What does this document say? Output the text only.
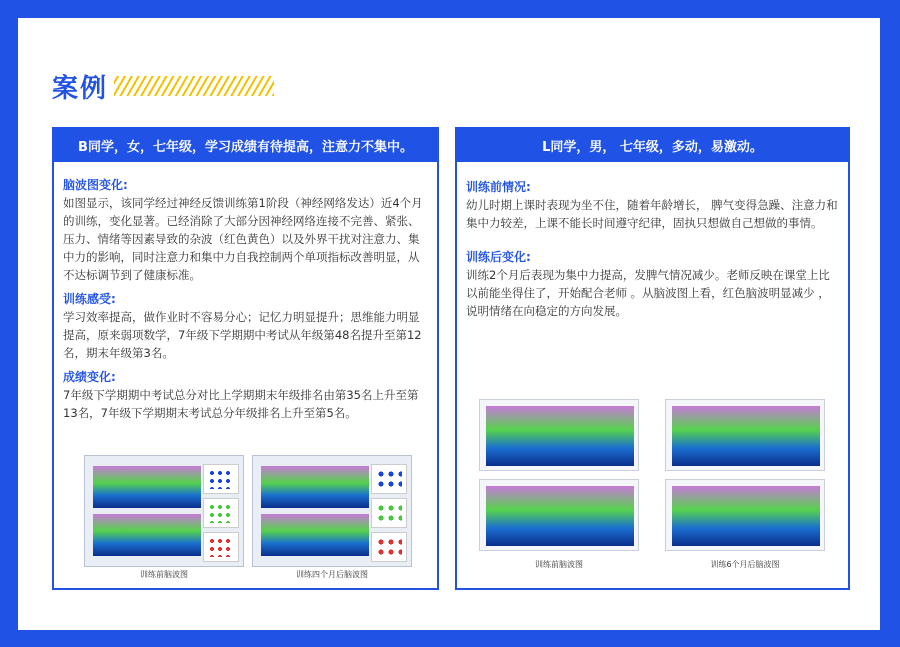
案例
B同学，女，七年级，学习成绩有待提高，注意力不集中。
脑波图变化:
如图显示，该同学经过神经反馈训练第1阶段（神经网络发达）近4个月的训练，变化显著。已经消除了大部分因神经网络连接不完善、紧张、压力、情绪等因素导致的杂波（红色黄色）以及外界干扰对注意力、集中力的影响，同时注意力和集中力自我控制两个单项指标改善明显，从不达标调节到了健康标准。
训练感受:
学习效率提高，做作业时不容易分心；记忆力明显提升；思维能力明显提高，原来弱项数学，7年级下学期期中考试从年级第48名提升至第12名，期末年级第3名。
成绩变化:
7年级下学期期中考试总分对比上学期期末年级排名由第35名上升至第13名，7年级下学期期末考试总分年级排名上升至第5名。
训练前脑波图	训练四个月后脑波图
L同学，男， 七年级，多动，易激动。
训练前情况:
幼儿时期上课时表现为坐不住，随着年龄增长， 脾气变得急躁、注意力和集中力较差，上课不能长时间遵守纪律，固执只想做自己想做的事情。
训练后变化:
训练2个月后表现为集中力提高，发脾气情况减少。老师反映在课堂上比以前能坐得住了，开始配合老师 。从脑波图上看，红色脑波明显减少 ，说明情绪在向稳定的方向发展。
训练前脑波图	训练6个月后脑波图
